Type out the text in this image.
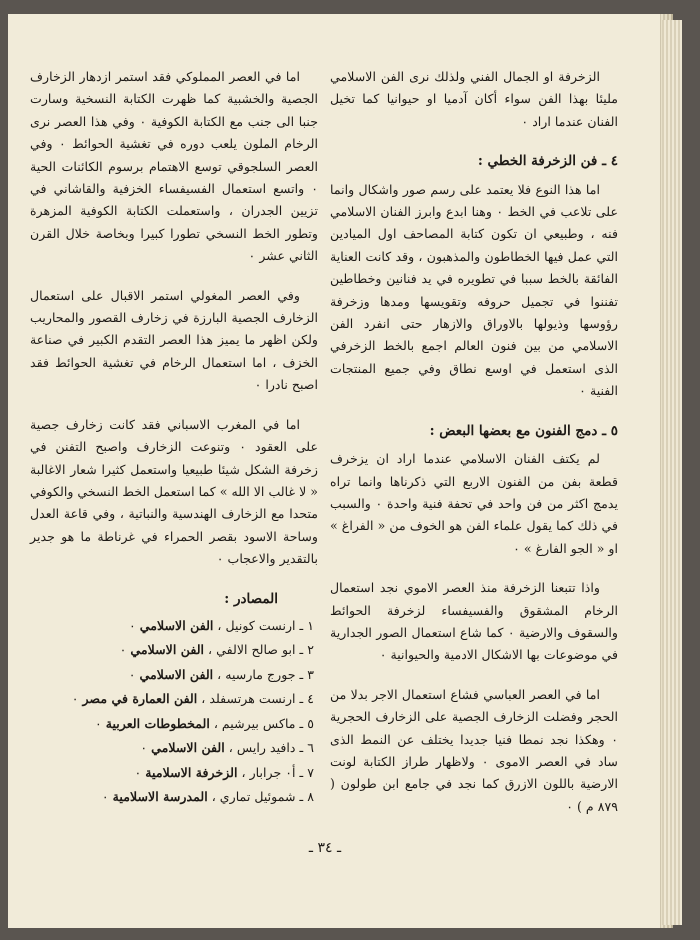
الزخرفة او الجمال الفني ولذلك نرى الفن الاسلامي مليئا بهذا الفن سواء أكان آدميا او حيوانيا كما تخيل الفنان عندما اراد ٠

٤ ـ فن الزخرفة الخطي :

اما هذا النوع فلا يعتمد على رسم صور واشكال وانما على تلاعب في الخط ٠ وهنا ابدع وابرز الفنان الاسلامي فنه ، وطبيعي ان تكون كتابة المصاحف اول الميادين التي عمل فيها الخطاطون والمذهبون ، وقد كانت العناية الفائقة بالخط سببا في تطويره في يد فنانين وخطاطين تفننوا في تجميل حروفه وتقويسها ومدها وزخرفة رؤوسها وذيولها بالاوراق والازهار حتى انفرد الفن الاسلامي من بين فنون العالم اجمع بالخط الزخرفي الذى استعمل في اوسع نطاق وفي جميع المنتجات الفنية ٠

٥ ـ دمج الفنون مع بعضها البعض :

لم يكتف الفنان الاسلامي عندما اراد ان يزخرف قطعة بفن من الفنون الاربع التي ذكرناها وانما تراه يدمج اكثر من فن واحد في تحفة فنية واحدة ٠ والسبب في ذلك كما يقول علماء الفن هو الخوف من « الفراغ » او « الجو الفارغ » ٠

واذا تتبعنا الزخرفة منذ العصر الاموي نجد استعمال الرخام المشقوق والفسيفساء لزخرفة الحوائط والسقوف والارضية ٠ كما شاع استعمال الصور الجدارية في موضوعات بها الاشكال الادمية والحيوانية ٠

اما في العصر العباسي فشاع استعمال الاجر بدلا من الحجر وفضلت الزخارف الجصية على الزخارف الحجرية ٠ وهكذا نجد نمطا فنيا جديدا يختلف عن النمط الذى ساد في العصر الاموى ٠ ولاظهار طراز الكتابة لونت الارضية باللون الازرق كما نجد في جامع ابن طولون ( ٨٧٩ م ) ٠

اما في العصر المملوكي فقد استمر ازدهار الزخارف الجصية والخشبية كما ظهرت الكتابة النسخية وسارت جنبا الى جنب مع الكتابة الكوفية ٠ وفي هذا العصر نرى الرخام الملون يلعب دوره في تغشية الحوائط ٠ وفي العصر السلجوقي توسع الاهتمام برسوم الكائنات الحية ٠ واتسع استعمال الفسيفساء الخزفية والقاشاني في تزيين الجدران ، واستعملت الكتابة الكوفية المزهرة وتطور الخط النسخي تطورا كبيرا وبخاصة خلال القرن الثاني عشر ٠

وفي العصر المغولي استمر الاقبال على استعمال الزخارف الجصية البارزة في زخارف القصور والمحاريب ولكن اظهر ما يميز هذا العصر التقدم الكبير في صناعة الخزف ، اما استعمال الرخام في تغشية الحوائط فقد اصبح نادرا ٠

اما في المغرب الاسباني فقد كانت زخارف جصية على العقود ٠ وتنوعت الزخارف واصبح التفنن في زخرفة الشكل شيئا طبيعيا واستعمل كثيرا شعار الاغالبة « لا غالب الا الله » كما استعمل الخط النسخي والكوفي متحدا مع الزخارف الهندسية والنباتية ، وفي قاعة العدل وساحة الاسود بقصر الحمراء في غرناطة ما هو جدير بالتقدير والاعجاب ٠

المصادر :
١ ـ ارنست كونيل ، الفن الاسلامي ٠
٢ ـ ابو صالح الالفي ، الفن الاسلامي ٠
٣ ـ جورج مارسيه ، الفن الاسلامي ٠
٤ ـ ارنست هرتسفلد ، الفن العمارة في مصر ٠
٥ ـ ماكس بيرشيم ، المخطوطات العربية ٠
٦ ـ دافيد رايس ، الفن الاسلامي ٠
٧ ـ أ٠ جرابار ، الزخرفة الاسلامية ٠
٨ ـ شموئيل تماري ، المدرسة الاسلامية ٠
ـ ٣٤ ـ
